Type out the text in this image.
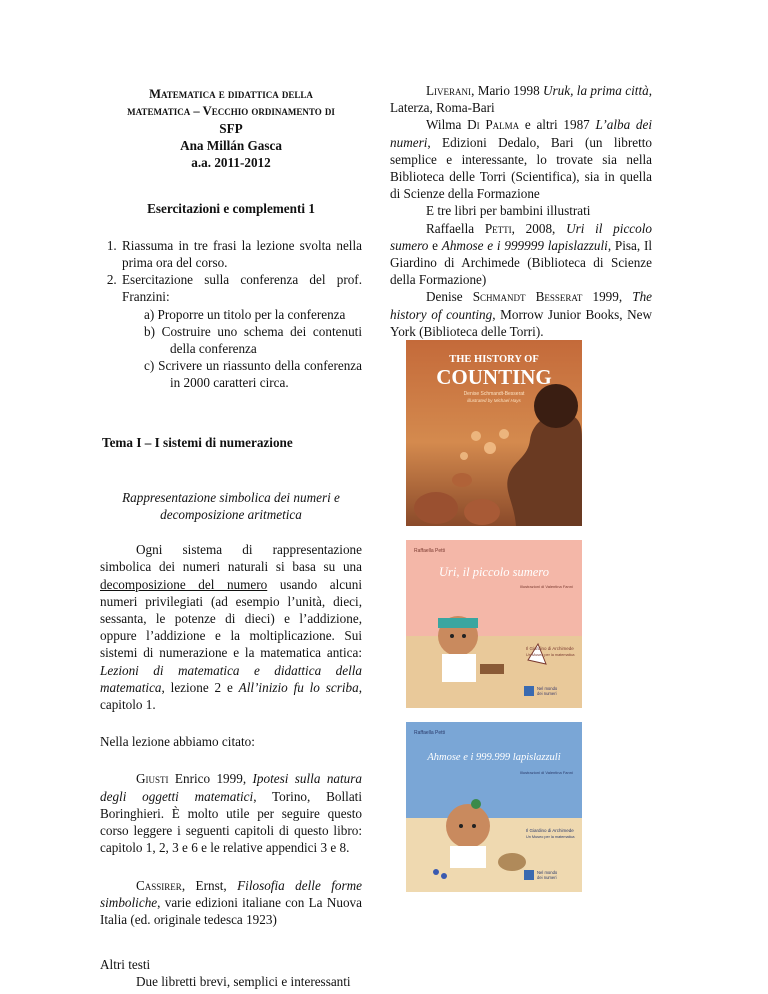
Matematica e didattica della

matematica – Vecchio ordinamento di

SFP

Ana Millán Gasca

a.a. 2011-2012

Esercitazioni e complementi 1

1. Riassuma in tre frasi la lezione svolta nella prima ora del corso.
2. Esercitazione sulla conferenza del prof. Franzini:
a) Proporre un titolo per la conferenza
b) Costruire uno schema dei contenuti della conferenza
c) Scrivere un riassunto della conferenza in 2000 caratteri circa.

Tema I – I sistemi di numerazione

Rappresentazione simbolica dei numeri e decomposizione aritmetica

Ogni sistema di rappresentazione simbolica dei numeri naturali si basa su una decomposizione del numero usando alcuni numeri privilegiati (ad esempio l’unità, dieci, sessanta, le potenze di dieci) e l’addizione, oppure l’addizione e la moltiplicazione. Sui sistemi di numerazione e la matematica antica: Lezioni di matematica e didattica della matematica, lezione 2 e All’inizio fu lo scriba, capitolo 1.

Nella lezione abbiamo citato:

Giusti Enrico 1999, Ipotesi sulla natura degli oggetti matematici, Torino, Bollati Boringhieri. È molto utile per seguire questo corso leggere i seguenti capitoli di questo libro: capitolo 1, 2, 3 e 6 e le relative appendici 3 e 8.

Cassirer, Ernst, Filosofia delle forme simboliche, varie edizioni italiane con La Nuova Italia (ed. originale tedesca 1923)

Altri testi

Due libretti brevi, semplici e interessanti

Liverani, Mario 1998 Uruk, la prima città, Laterza, Roma-Bari

Wilma Di Palma e altri 1987 L’alba dei numeri, Edizioni Dedalo, Bari (un libretto semplice e interessante, lo trovate sia nella Biblioteca delle Torri (Scientifica), sia in quella di Scienze della Formazione

E tre libri per bambini illustrati

Raffaella Petti, 2008, Uri il piccolo sumero e Ahmose e i 999999 lapislazzuli, Pisa, Il Giardino di Archimede (Biblioteca di Scienze della Formazione)

Denise Schmandt Besserat 1999, The history of counting, Morrow Junior Books, New York (Biblioteca delle Torri).

THE HISTORY OF
COUNTING
Denise Schmandt-Besserat
illustrated by Michael Hays
Raffaella Petti
Uri, il piccolo sumero
Illustrazioni di Valentina Fanni
Il Giardino di Archimede
Un Museo per la matematica
Nel mondo
dei numeri
Raffaella Petti
Ahmose e i 999.999 lapislazzuli
Illustrazioni di Valentina Fanni
Il Giardino di Archimede
Un Museo per la matematica
Nel mondo
dei numeri
